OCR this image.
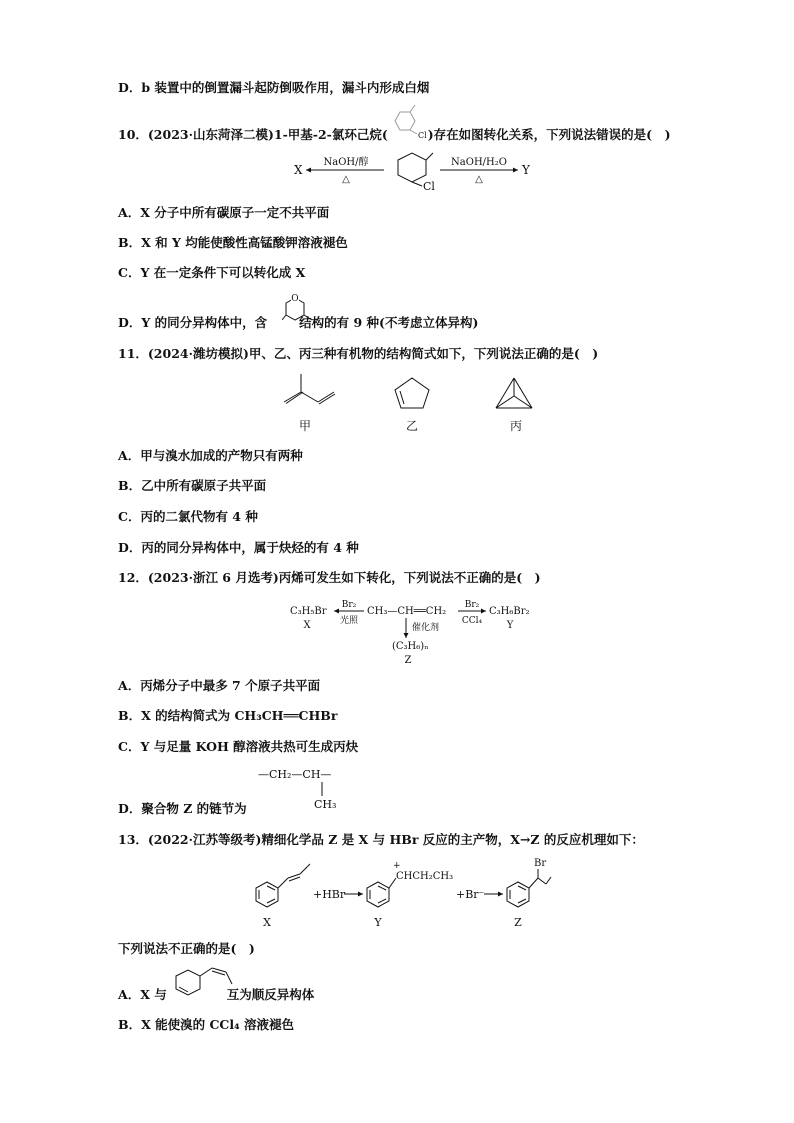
D．b 装置中的倒置漏斗起防倒吸作用，漏斗内形成白烟
10．(2023·山东菏泽二模)1-甲基-2-氯环己烷(	)存在如图转化关系，下列说法错误的是(　)
Cl
X
NaOH/醇
△
Cl
NaOH/H₂O
△
Y
A．X 分子中所有碳原子一定不共平面
B．X 和 Y 均能使酸性高锰酸钾溶液褪色
C．Y 在一定条件下可以转化成 X
D．Y 的同分异构体中，含	结构的有 9 种(不考虑立体异构)
O
11．(2024·潍坊模拟)甲、乙、丙三种有机物的结构简式如下，下列说法正确的是(　)
甲	乙	丙
A．甲与溴水加成的产物只有两种
B．乙中所有碳原子共平面
C．丙的二氯代物有 4 种
D．丙的同分异构体中，属于炔烃的有 4 种
12．(2023·浙江 6 月选考)丙烯可发生如下转化，下列说法不正确的是(　)
C₃H₅Br
X
Br₂
光照
CH₃—CH══CH₂
Br₂
CCl₄
C₃H₆Br₂
Y
催化剂
(C₃H₆)ₙ
Z
A．丙烯分子中最多 7 个原子共平面
B．X 的结构简式为 CH₃CH══CHBr
C．Y 与足量 KOH 醇溶液共热可生成丙炔
—CH₂—CH—
CH₃
D．聚合物 Z 的链节为
13．(2022·江苏等级考)精细化学品 Z 是 X 与 HBr 反应的主产物，X→Z 的反应机理如下：
X
+HBr
+
CHCH₂CH₃
Y
+Br⁻
Br
Z
下列说法不正确的是(　)
A．X 与	互为顺反异构体
B．X 能使溴的 CCl₄ 溶液褪色
